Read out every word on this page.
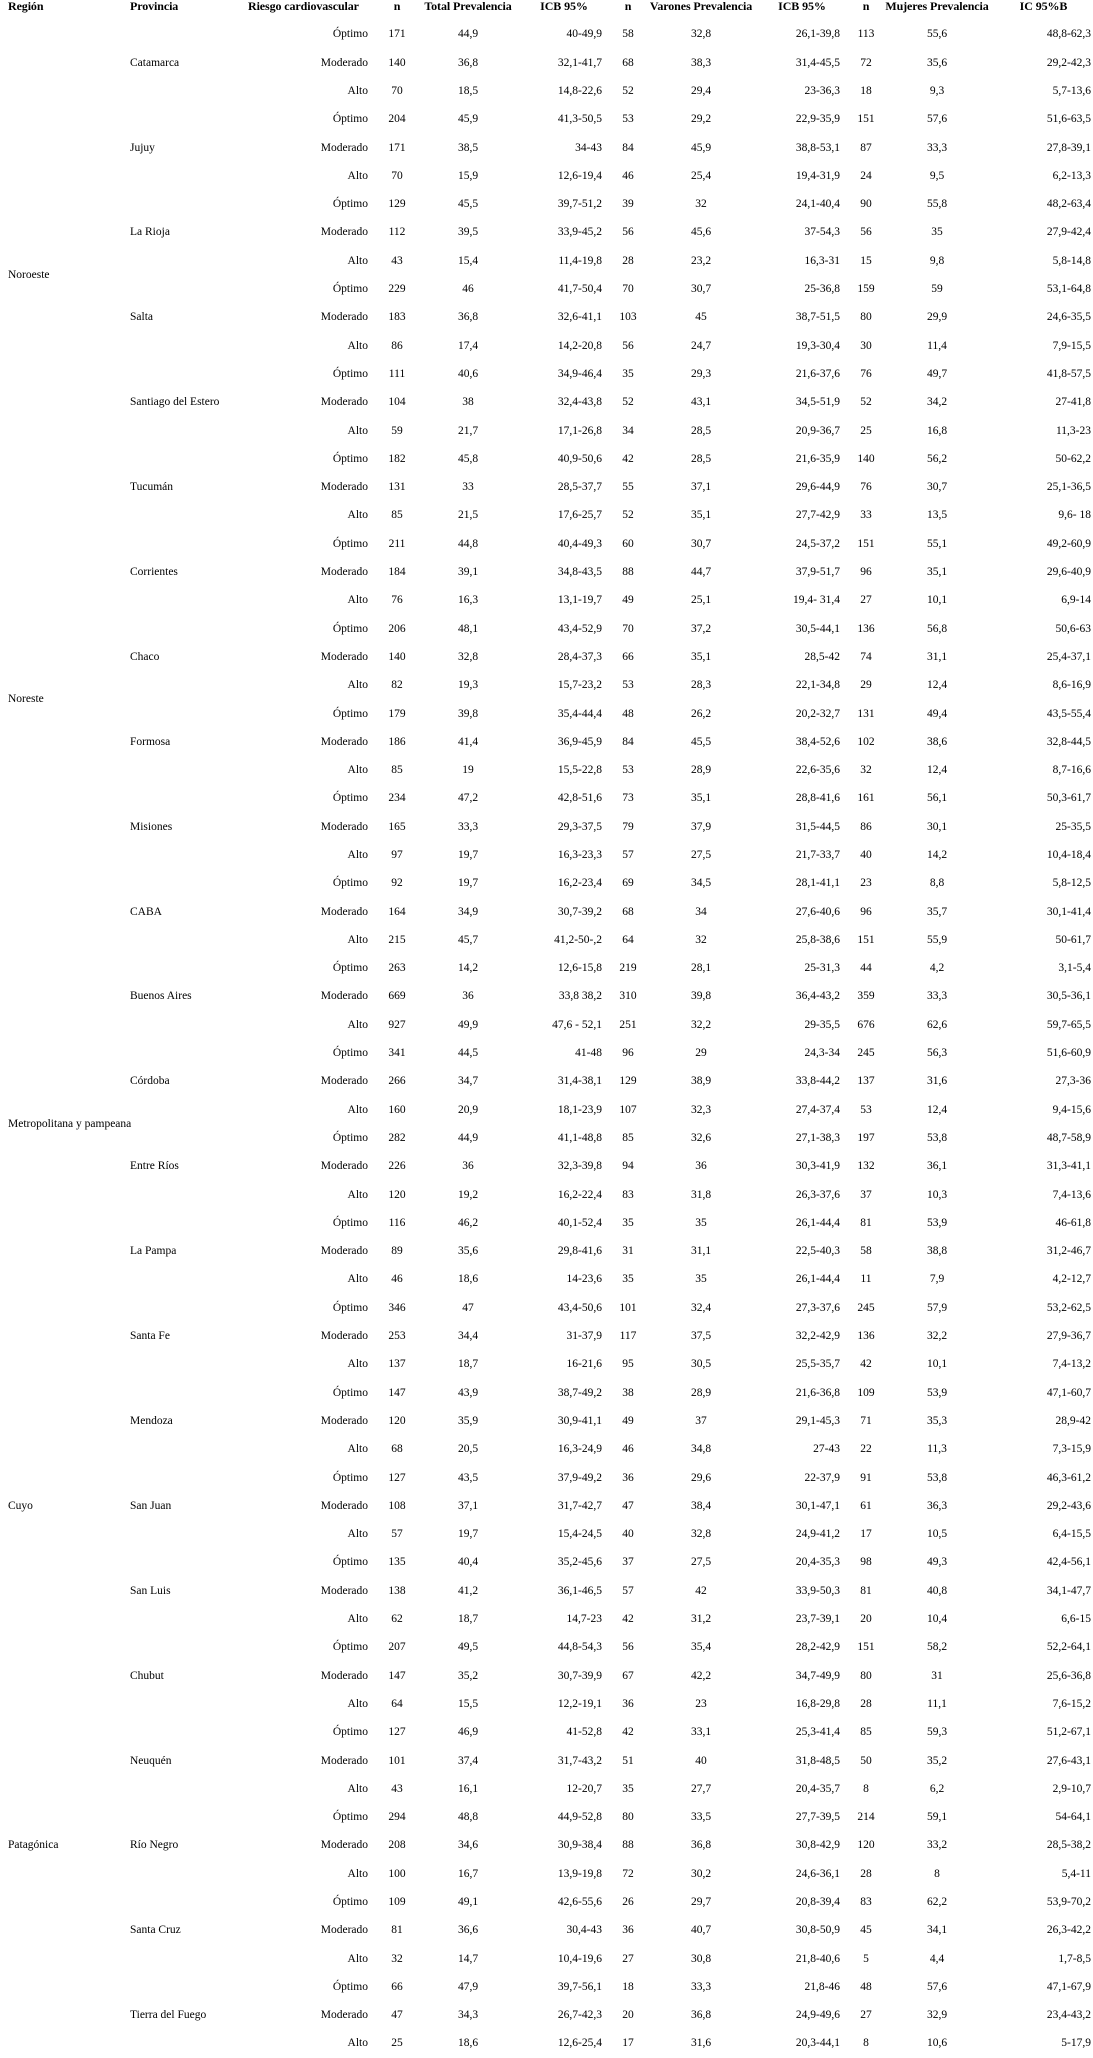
Región	Provincia	Riesgo cardiovascular	n	Total Prevalencia	ICB 95%	n	Varones Prevalencia	ICB 95%	n	Mujeres Prevalencia	IC 95%B
Noroeste	Catamarca	Óptimo	171	44,9	40-49,9	58	32,8	26,1-39,8	113	55,6	48,8-62,3
		Moderado	140	36,8	32,1-41,7	68	38,3	31,4-45,5	72	35,6	29,2-42,3
		Alto	70	18,5	14,8-22,6	52	29,4	23-36,3	18	9,3	5,7-13,6
	Jujuy	Óptimo	204	45,9	41,3-50,5	53	29,2	22,9-35,9	151	57,6	51,6-63,5
		Moderado	171	38,5	34-43	84	45,9	38,8-53,1	87	33,3	27,8-39,1
		Alto	70	15,9	12,6-19,4	46	25,4	19,4-31,9	24	9,5	6,2-13,3
	La Rioja	Óptimo	129	45,5	39,7-51,2	39	32	24,1-40,4	90	55,8	48,2-63,4
		Moderado	112	39,5	33,9-45,2	56	45,6	37-54,3	56	35	27,9-42,4
		Alto	43	15,4	11,4-19,8	28	23,2	16,3-31	15	9,8	5,8-14,8
	Salta	Óptimo	229	46	41,7-50,4	70	30,7	25-36,8	159	59	53,1-64,8
		Moderado	183	36,8	32,6-41,1	103	45	38,7-51,5	80	29,9	24,6-35,5
		Alto	86	17,4	14,2-20,8	56	24,7	19,3-30,4	30	11,4	7,9-15,5
	Santiago del Estero	Óptimo	111	40,6	34,9-46,4	35	29,3	21,6-37,6	76	49,7	41,8-57,5
		Moderado	104	38	32,4-43,8	52	43,1	34,5-51,9	52	34,2	27-41,8
		Alto	59	21,7	17,1-26,8	34	28,5	20,9-36,7	25	16,8	11,3-23
	Tucumán	Óptimo	182	45,8	40,9-50,6	42	28,5	21,6-35,9	140	56,2	50-62,2
		Moderado	131	33	28,5-37,7	55	37,1	29,6-44,9	76	30,7	25,1-36,5
		Alto	85	21,5	17,6-25,7	52	35,1	27,7-42,9	33	13,5	9,6- 18
Noreste	Corrientes	Óptimo	211	44,8	40,4-49,3	60	30,7	24,5-37,2	151	55,1	49,2-60,9
		Moderado	184	39,1	34,8-43,5	88	44,7	37,9-51,7	96	35,1	29,6-40,9
		Alto	76	16,3	13,1-19,7	49	25,1	19,4- 31,4	27	10,1	6,9-14
	Chaco	Óptimo	206	48,1	43,4-52,9	70	37,2	30,5-44,1	136	56,8	50,6-63
		Moderado	140	32,8	28,4-37,3	66	35,1	28,5-42	74	31,1	25,4-37,1
		Alto	82	19,3	15,7-23,2	53	28,3	22,1-34,8	29	12,4	8,6-16,9
	Formosa	Óptimo	179	39,8	35,4-44,4	48	26,2	20,2-32,7	131	49,4	43,5-55,4
		Moderado	186	41,4	36,9-45,9	84	45,5	38,4-52,6	102	38,6	32,8-44,5
		Alto	85	19	15,5-22,8	53	28,9	22,6-35,6	32	12,4	8,7-16,6
	Misiones	Óptimo	234	47,2	42,8-51,6	73	35,1	28,8-41,6	161	56,1	50,3-61,7
		Moderado	165	33,3	29,3-37,5	79	37,9	31,5-44,5	86	30,1	25-35,5
		Alto	97	19,7	16,3-23,3	57	27,5	21,7-33,7	40	14,2	10,4-18,4
Metropolitana y pampeana	CABA	Óptimo	92	19,7	16,2-23,4	69	34,5	28,1-41,1	23	8,8	5,8-12,5
		Moderado	164	34,9	30,7-39,2	68	34	27,6-40,6	96	35,7	30,1-41,4
		Alto	215	45,7	41,2-50-,2	64	32	25,8-38,6	151	55,9	50-61,7
	Buenos Aires	Óptimo	263	14,2	12,6-15,8	219	28,1	25-31,3	44	4,2	3,1-5,4
		Moderado	669	36	33,8 38,2	310	39,8	36,4-43,2	359	33,3	30,5-36,1
		Alto	927	49,9	47,6 - 52,1	251	32,2	29-35,5	676	62,6	59,7-65,5
	Córdoba	Óptimo	341	44,5	41-48	96	29	24,3-34	245	56,3	51,6-60,9
		Moderado	266	34,7	31,4-38,1	129	38,9	33,8-44,2	137	31,6	27,3-36
		Alto	160	20,9	18,1-23,9	107	32,3	27,4-37,4	53	12,4	9,4-15,6
	Entre Ríos	Óptimo	282	44,9	41,1-48,8	85	32,6	27,1-38,3	197	53,8	48,7-58,9
		Moderado	226	36	32,3-39,8	94	36	30,3-41,9	132	36,1	31,3-41,1
		Alto	120	19,2	16,2-22,4	83	31,8	26,3-37,6	37	10,3	7,4-13,6
	La Pampa	Óptimo	116	46,2	40,1-52,4	35	35	26,1-44,4	81	53,9	46-61,8
		Moderado	89	35,6	29,8-41,6	31	31,1	22,5-40,3	58	38,8	31,2-46,7
		Alto	46	18,6	14-23,6	35	35	26,1-44,4	11	7,9	4,2-12,7
	Santa Fe	Óptimo	346	47	43,4-50,6	101	32,4	27,3-37,6	245	57,9	53,2-62,5
		Moderado	253	34,4	31-37,9	117	37,5	32,2-42,9	136	32,2	27,9-36,7
		Alto	137	18,7	16-21,6	95	30,5	25,5-35,7	42	10,1	7,4-13,2
Cuyo	Mendoza	Óptimo	147	43,9	38,7-49,2	38	28,9	21,6-36,8	109	53,9	47,1-60,7
		Moderado	120	35,9	30,9-41,1	49	37	29,1-45,3	71	35,3	28,9-42
		Alto	68	20,5	16,3-24,9	46	34,8	27-43	22	11,3	7,3-15,9
	San Juan	Óptimo	127	43,5	37,9-49,2	36	29,6	22-37,9	91	53,8	46,3-61,2
		Moderado	108	37,1	31,7-42,7	47	38,4	30,1-47,1	61	36,3	29,2-43,6
		Alto	57	19,7	15,4-24,5	40	32,8	24,9-41,2	17	10,5	6,4-15,5
	San Luis	Óptimo	135	40,4	35,2-45,6	37	27,5	20,4-35,3	98	49,3	42,4-56,1
		Moderado	138	41,2	36,1-46,5	57	42	33,9-50,3	81	40,8	34,1-47,7
		Alto	62	18,7	14,7-23	42	31,2	23,7-39,1	20	10,4	6,6-15
Patagónica	Chubut	Óptimo	207	49,5	44,8-54,3	56	35,4	28,2-42,9	151	58,2	52,2-64,1
		Moderado	147	35,2	30,7-39,9	67	42,2	34,7-49,9	80	31	25,6-36,8
		Alto	64	15,5	12,2-19,1	36	23	16,8-29,8	28	11,1	7,6-15,2
	Neuquén	Óptimo	127	46,9	41-52,8	42	33,1	25,3-41,4	85	59,3	51,2-67,1
		Moderado	101	37,4	31,7-43,2	51	40	31,8-48,5	50	35,2	27,6-43,1
		Alto	43	16,1	12-20,7	35	27,7	20,4-35,7	8	6,2	2,9-10,7
	Río Negro	Óptimo	294	48,8	44,9-52,8	80	33,5	27,7-39,5	214	59,1	54-64,1
		Moderado	208	34,6	30,9-38,4	88	36,8	30,8-42,9	120	33,2	28,5-38,2
		Alto	100	16,7	13,9-19,8	72	30,2	24,6-36,1	28	8	5,4-11
	Santa Cruz	Óptimo	109	49,1	42,6-55,6	26	29,7	20,8-39,4	83	62,2	53,9-70,2
		Moderado	81	36,6	30,4-43	36	40,7	30,8-50,9	45	34,1	26,3-42,2
		Alto	32	14,7	10,4-19,6	27	30,8	21,8-40,6	5	4,4	1,7-8,5
	Tierra del Fuego	Óptimo	66	47,9	39,7-56,1	18	33,3	21,8-46	48	57,6	47,1-67,9
		Moderado	47	34,3	26,7-42,3	20	36,8	24,9-49,6	27	32,9	23,4-43,2
		Alto	25	18,6	12,6-25,4	17	31,6	20,3-44,1	8	10,6	5-17,9
